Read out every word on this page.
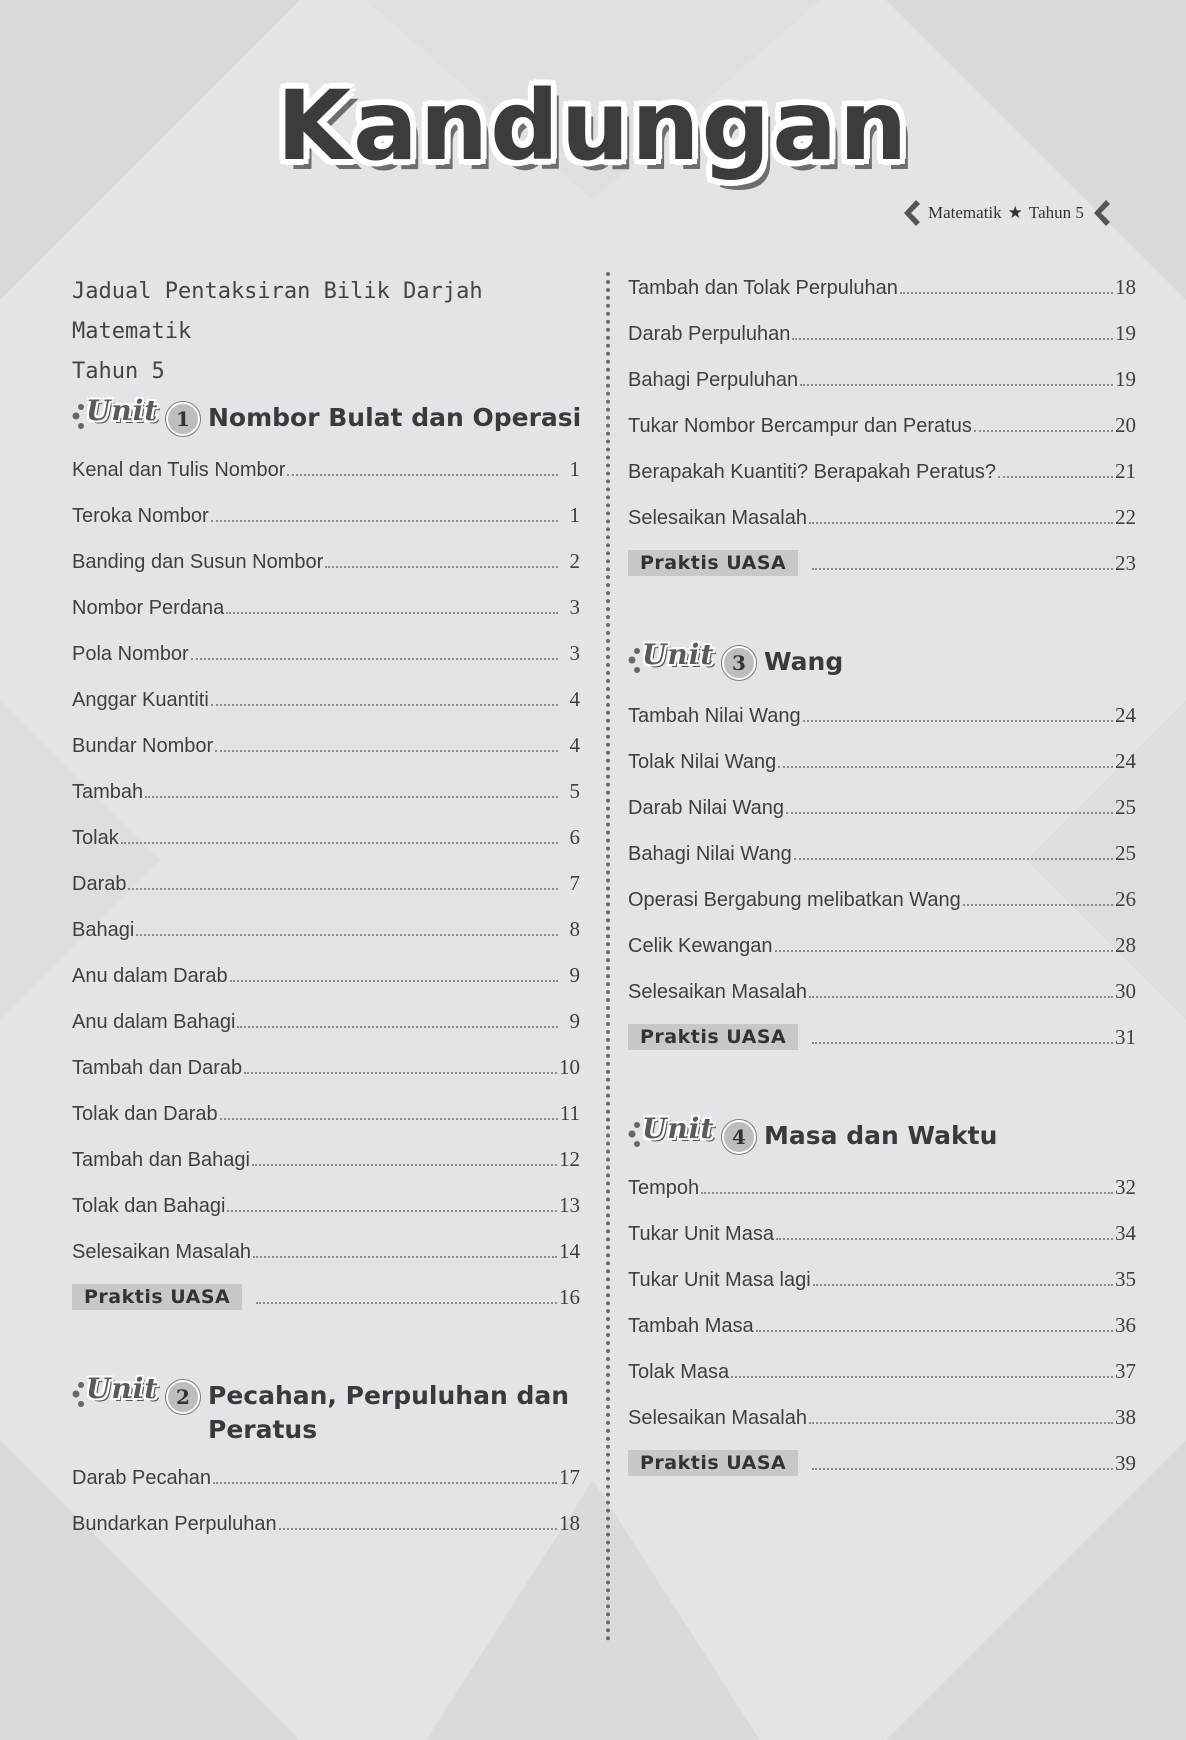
Kandungan
Matematik ★ Tahun 5
Jadual Pentaksiran Bilik Darjah Matematik
Tahun 5
Unit 1 Nombor Bulat dan Operasi
Kenal dan Tulis Nombor	1
Teroka Nombor	1
Banding dan Susun Nombor	2
Nombor Perdana	3
Pola Nombor	3
Anggar Kuantiti	4
Bundar Nombor	4
Tambah	5
Tolak	6
Darab	7
Bahagi	8
Anu dalam Darab	9
Anu dalam Bahagi	9
Tambah dan Darab	10
Tolak dan Darab	11
Tambah dan Bahagi	12
Tolak dan Bahagi	13
Selesaikan Masalah	14
Praktis UASA	16
Unit 2 Pecahan, Perpuluhan dan
Peratus
Darab Pecahan	17
Bundarkan Perpuluhan	18
Tambah dan Tolak Perpuluhan	18
Darab Perpuluhan	19
Bahagi Perpuluhan	19
Tukar Nombor Bercampur dan Peratus	20
Berapakah Kuantiti? Berapakah Peratus?	21
Selesaikan Masalah	22
Praktis UASA	23
Unit 3 Wang
Tambah Nilai Wang	24
Tolak Nilai Wang	24
Darab Nilai Wang	25
Bahagi Nilai Wang	25
Operasi Bergabung melibatkan Wang	26
Celik Kewangan	28
Selesaikan Masalah	30
Praktis UASA	31
Unit 4 Masa dan Waktu
Tempoh	32
Tukar Unit Masa	34
Tukar Unit Masa lagi	35
Tambah Masa	36
Tolak Masa	37
Selesaikan Masalah	38
Praktis UASA	39
